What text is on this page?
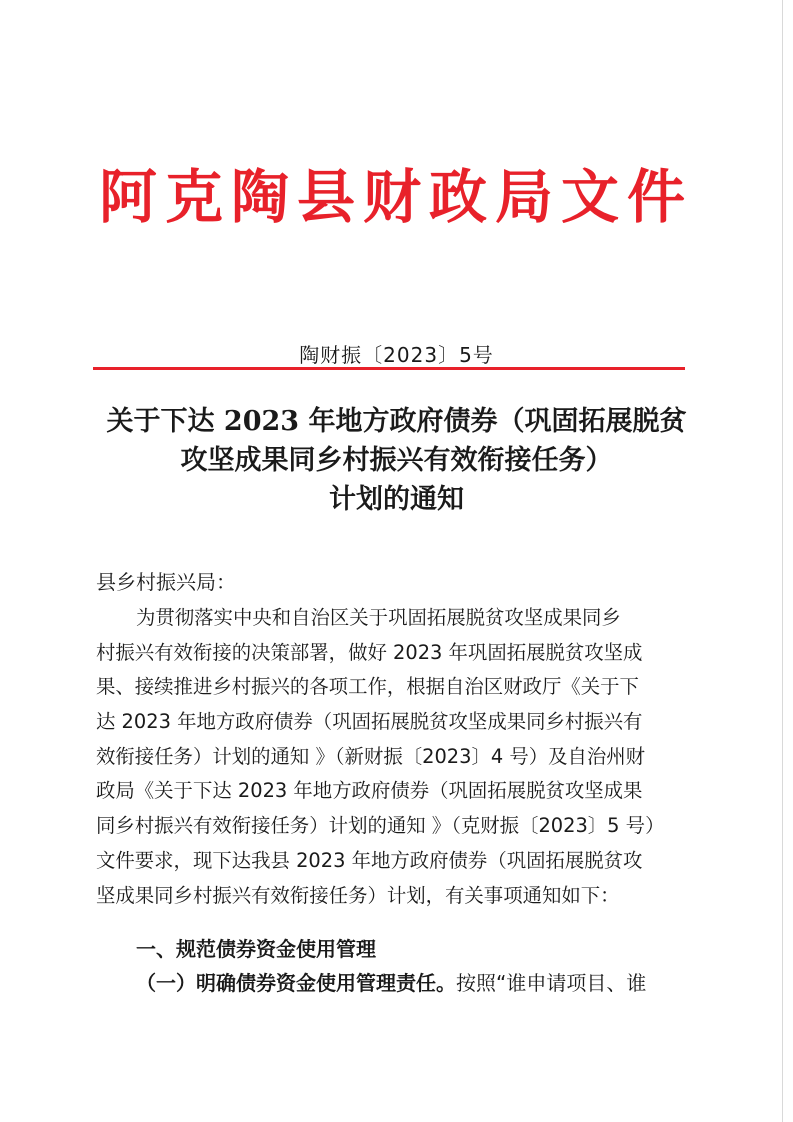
阿克陶县财政局文件
陶财振〔2023〕5号
关于下达 2023 年地方政府债券（巩固拓展脱贫
攻坚成果同乡村振兴有效衔接任务）
计划的通知
县乡村振兴局：
为贯彻落实中央和自治区关于巩固拓展脱贫攻坚成果同乡
村振兴有效衔接的决策部署，做好 2023 年巩固拓展脱贫攻坚成
果、接续推进乡村振兴的各项工作，根据自治区财政厅《关于下
达 2023 年地方政府债券（巩固拓展脱贫攻坚成果同乡村振兴有
效衔接任务）计划的通知 》（新财振〔2023〕4 号）及自治州财
政局《关于下达 2023 年地方政府债券（巩固拓展脱贫攻坚成果
同乡村振兴有效衔接任务）计划的通知 》（克财振〔2023〕5 号）
文件要求，现下达我县 2023 年地方政府债券（巩固拓展脱贫攻
坚成果同乡村振兴有效衔接任务）计划，有关事项通知如下：
一、规范债券资金使用管理
（一）明确债券资金使用管理责任。按照“谁申请项目、谁
